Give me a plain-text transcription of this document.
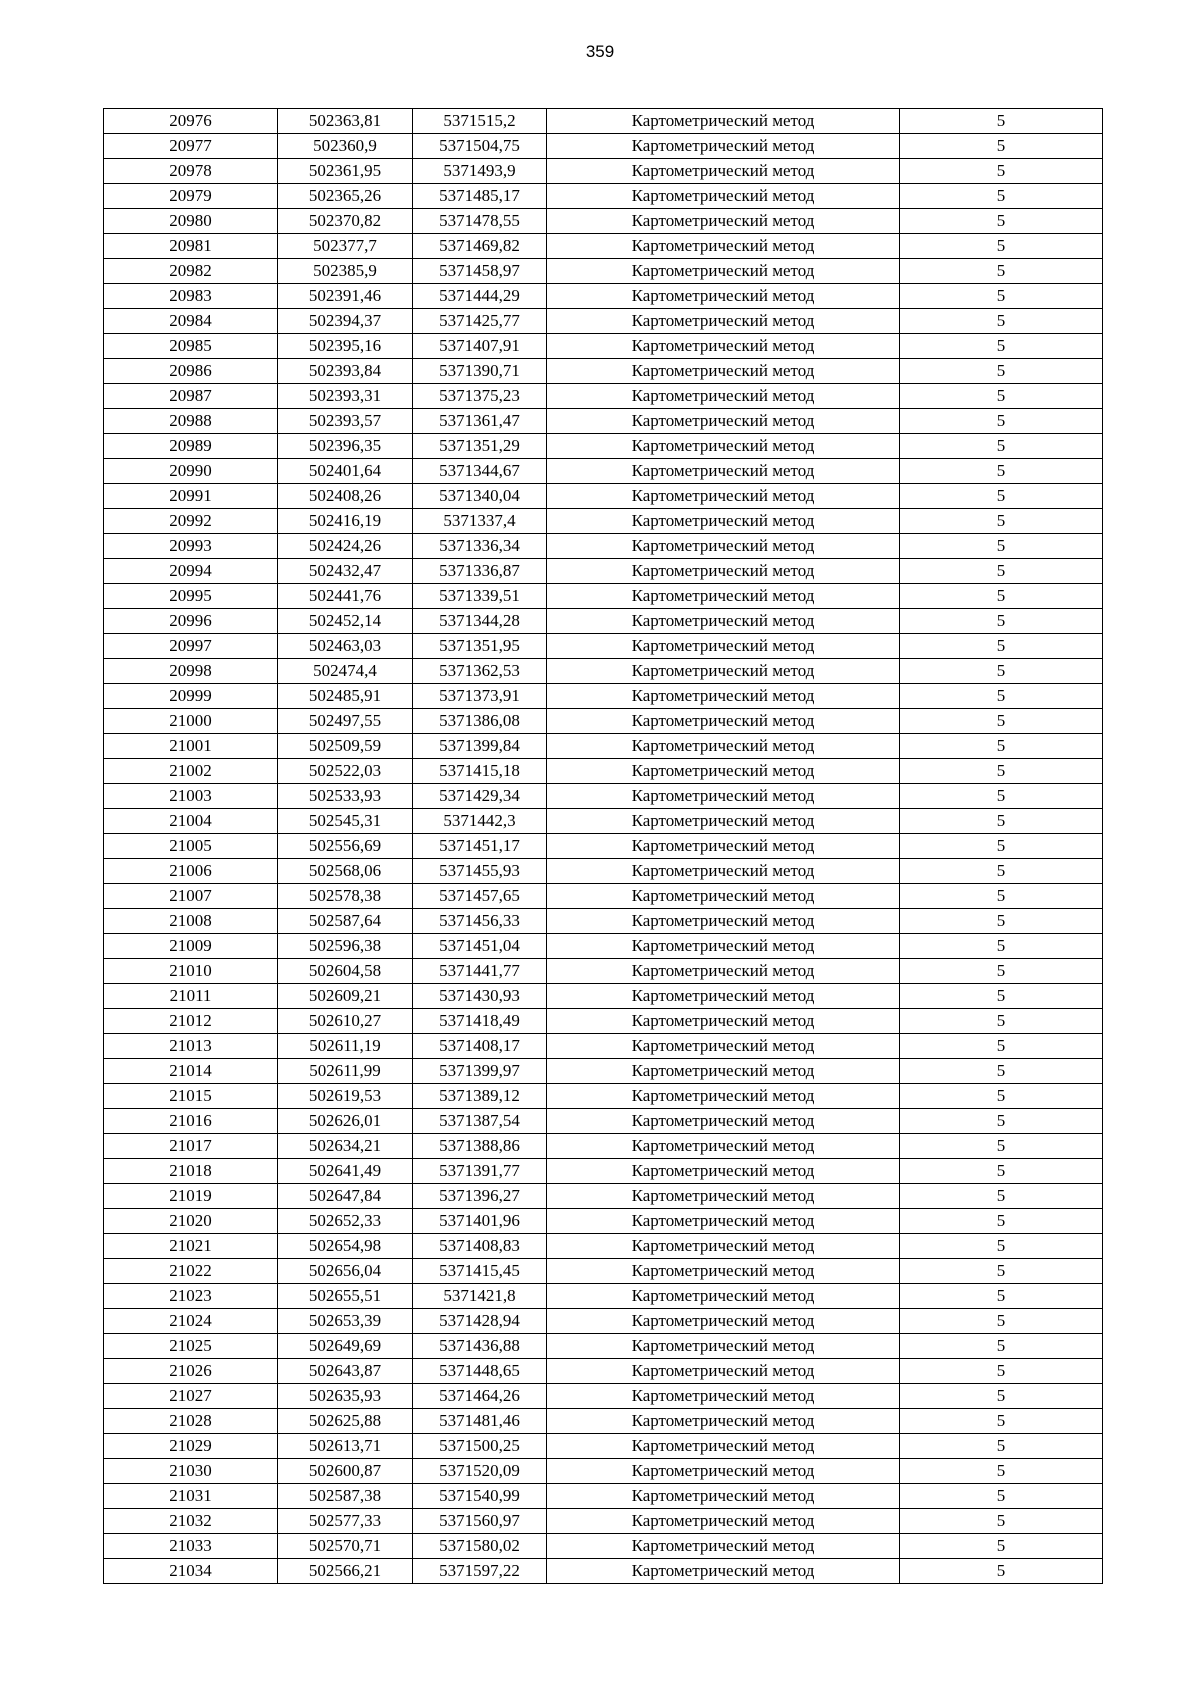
359
20976	502363,81	5371515,2	Картометрический метод	5
20977	502360,9	5371504,75	Картометрический метод	5
20978	502361,95	5371493,9	Картометрический метод	5
20979	502365,26	5371485,17	Картометрический метод	5
20980	502370,82	5371478,55	Картометрический метод	5
20981	502377,7	5371469,82	Картометрический метод	5
20982	502385,9	5371458,97	Картометрический метод	5
20983	502391,46	5371444,29	Картометрический метод	5
20984	502394,37	5371425,77	Картометрический метод	5
20985	502395,16	5371407,91	Картометрический метод	5
20986	502393,84	5371390,71	Картометрический метод	5
20987	502393,31	5371375,23	Картометрический метод	5
20988	502393,57	5371361,47	Картометрический метод	5
20989	502396,35	5371351,29	Картометрический метод	5
20990	502401,64	5371344,67	Картометрический метод	5
20991	502408,26	5371340,04	Картометрический метод	5
20992	502416,19	5371337,4	Картометрический метод	5
20993	502424,26	5371336,34	Картометрический метод	5
20994	502432,47	5371336,87	Картометрический метод	5
20995	502441,76	5371339,51	Картометрический метод	5
20996	502452,14	5371344,28	Картометрический метод	5
20997	502463,03	5371351,95	Картометрический метод	5
20998	502474,4	5371362,53	Картометрический метод	5
20999	502485,91	5371373,91	Картометрический метод	5
21000	502497,55	5371386,08	Картометрический метод	5
21001	502509,59	5371399,84	Картометрический метод	5
21002	502522,03	5371415,18	Картометрический метод	5
21003	502533,93	5371429,34	Картометрический метод	5
21004	502545,31	5371442,3	Картометрический метод	5
21005	502556,69	5371451,17	Картометрический метод	5
21006	502568,06	5371455,93	Картометрический метод	5
21007	502578,38	5371457,65	Картометрический метод	5
21008	502587,64	5371456,33	Картометрический метод	5
21009	502596,38	5371451,04	Картометрический метод	5
21010	502604,58	5371441,77	Картометрический метод	5
21011	502609,21	5371430,93	Картометрический метод	5
21012	502610,27	5371418,49	Картометрический метод	5
21013	502611,19	5371408,17	Картометрический метод	5
21014	502611,99	5371399,97	Картометрический метод	5
21015	502619,53	5371389,12	Картометрический метод	5
21016	502626,01	5371387,54	Картометрический метод	5
21017	502634,21	5371388,86	Картометрический метод	5
21018	502641,49	5371391,77	Картометрический метод	5
21019	502647,84	5371396,27	Картометрический метод	5
21020	502652,33	5371401,96	Картометрический метод	5
21021	502654,98	5371408,83	Картометрический метод	5
21022	502656,04	5371415,45	Картометрический метод	5
21023	502655,51	5371421,8	Картометрический метод	5
21024	502653,39	5371428,94	Картометрический метод	5
21025	502649,69	5371436,88	Картометрический метод	5
21026	502643,87	5371448,65	Картометрический метод	5
21027	502635,93	5371464,26	Картометрический метод	5
21028	502625,88	5371481,46	Картометрический метод	5
21029	502613,71	5371500,25	Картометрический метод	5
21030	502600,87	5371520,09	Картометрический метод	5
21031	502587,38	5371540,99	Картометрический метод	5
21032	502577,33	5371560,97	Картометрический метод	5
21033	502570,71	5371580,02	Картометрический метод	5
21034	502566,21	5371597,22	Картометрический метод	5
